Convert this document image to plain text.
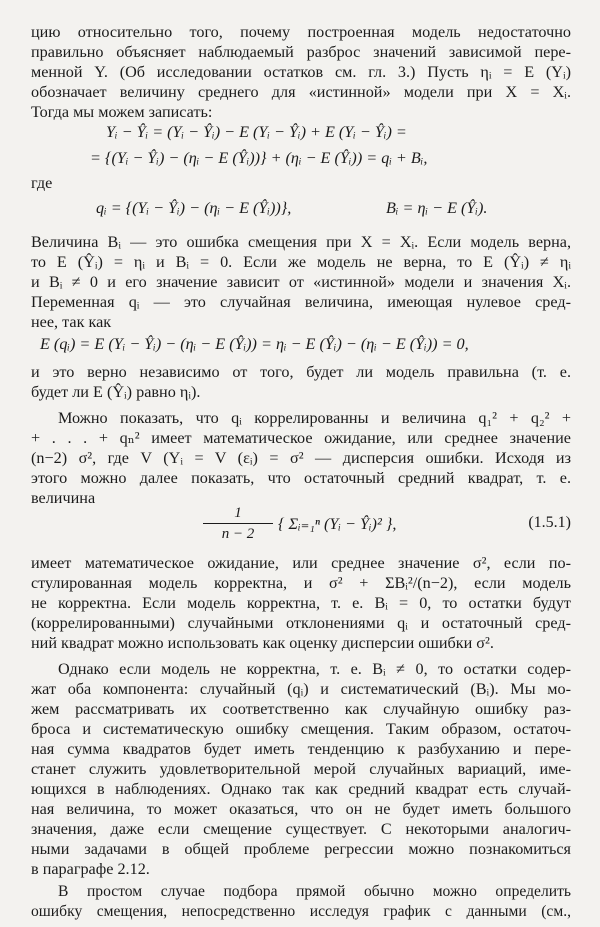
цию относительно того, почему построенная модель недостаточно

правильно объясняет наблюдаемый разброс значений зависимой пере-

менной Y. (Об исследовании остатков см. гл. 3.) Пусть ηᵢ = E (Yᵢ)

обозначает величину среднего для «истинной» модели при X = Xᵢ.

Тогда мы можем записать:

Yᵢ − Ŷᵢ = (Yᵢ − Ŷᵢ) − E (Yᵢ − Ŷᵢ) + E (Yᵢ − Ŷᵢ) =

= {(Yᵢ − Ŷᵢ) − (ηᵢ − E (Ŷᵢ))} + (ηᵢ − E (Ŷᵢ)) = qᵢ + Bᵢ,

где

qᵢ = {(Yᵢ − Ŷᵢ) − (ηᵢ − E (Ŷᵢ))},	Bᵢ = ηᵢ − E (Ŷᵢ).

Величина Bᵢ — это ошибка смещения при X = Xᵢ. Если модель верна,

то E (Ŷᵢ) = ηᵢ и Bᵢ = 0. Если же модель не верна, то E (Ŷᵢ) ≠ ηᵢ

и Bᵢ ≠ 0 и его значение зависит от «истинной» модели и значения Xᵢ.

Переменная qᵢ — это случайная величина, имеющая нулевое сред-

нее, так как

E (qᵢ) = E (Yᵢ − Ŷᵢ) − (ηᵢ − E (Ŷᵢ)) = ηᵢ − E (Ŷᵢ) − (ηᵢ − E (Ŷᵢ)) = 0,

и это верно независимо от того, будет ли модель правильна (т. е.

будет ли E (Ŷᵢ) равно ηᵢ).

Можно показать, что qᵢ коррелированны и величина q₁² + q₂² +

+ . . . + qₙ² имеет математическое ожидание, или среднее значение

(n−2) σ², где V (Yᵢ = V (εᵢ) = σ² — дисперсия ошибки. Исходя из

этого можно далее показать, что остаточный средний квадрат, т. е.

величина

$\frac{1}{n - 2}$ { Σᵢ₌₁ⁿ (Yᵢ − Ŷᵢ)² },	(1.5.1)

имеет математическое ожидание, или среднее значение σ², если по-

стулированная модель корректна, и σ² + ΣBᵢ²/(n−2), если модель

не корректна. Если модель корректна, т. е. Bᵢ = 0, то остатки будут

(коррелированными) случайными отклонениями qᵢ и остаточный сред-

ний квадрат можно использовать как оценку дисперсии ошибки σ².

Однако если модель не корректна, т. е. Bᵢ ≠ 0, то остатки содер-

жат оба компонента: случайный (qᵢ) и систематический (Bᵢ). Мы мо-

жем рассматривать их соответственно как случайную ошибку раз-

броса и систематическую ошибку смещения. Таким образом, остаточ-

ная сумма квадратов будет иметь тенденцию к разбуханию и пере-

станет служить удовлетворительной мерой случайных вариаций, име-

ющихся в наблюдениях. Однако так как средний квадрат есть случай-

ная величина, то может оказаться, что он не будет иметь большого

значения, даже если смещение существует. С некоторыми аналогич-

ными задачами в общей проблеме регрессии можно познакомиться

в параграфе 2.12.

В простом случае подбора прямой обычно можно определить

ошибку смещения, непосредственно исследуя график с данными (см.,
